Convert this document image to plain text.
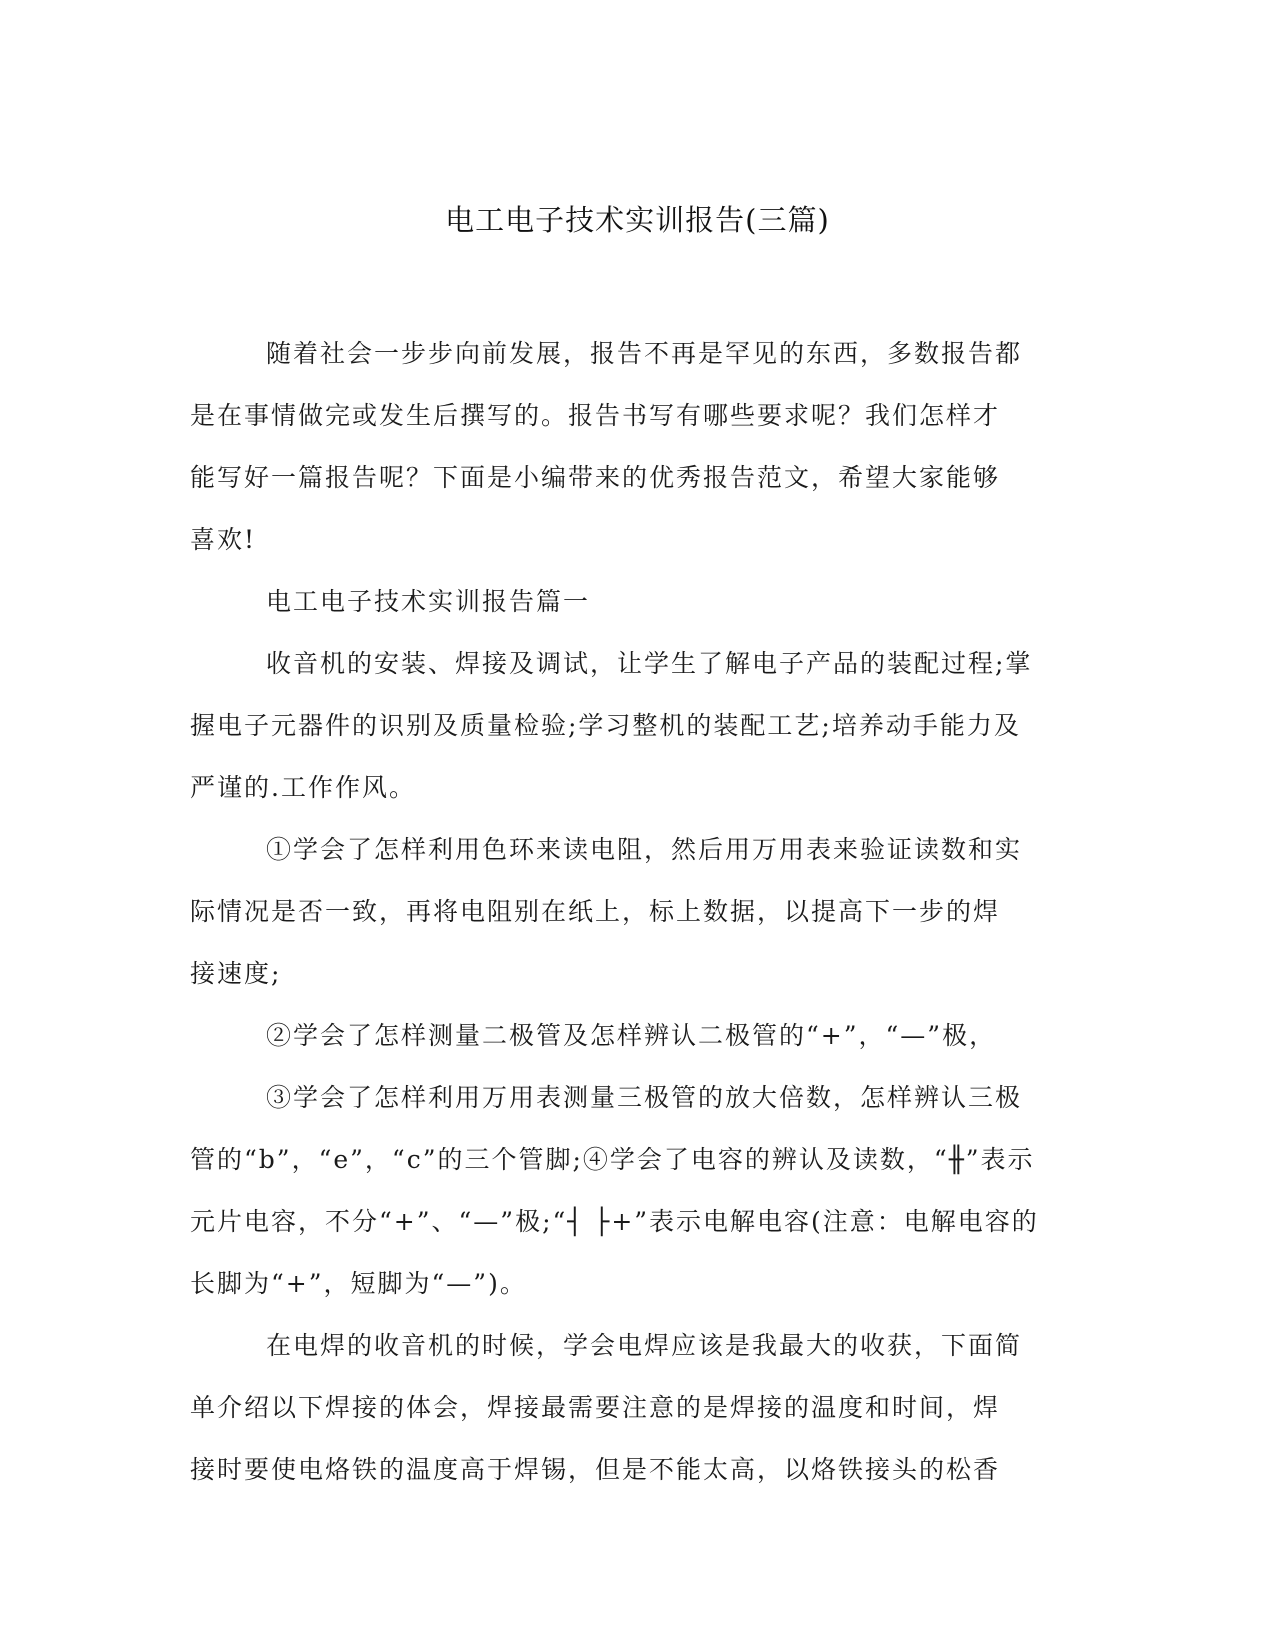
电工电子技术实训报告(三篇)

随着社会一步步向前发展，报告不再是罕见的东西，多数报告都
是在事情做完或发生后撰写的。报告书写有哪些要求呢？我们怎样才
能写好一篇报告呢？下面是小编带来的优秀报告范文，希望大家能够
喜欢!

电工电子技术实训报告篇一

收音机的安装、焊接及调试，让学生了解电子产品的装配过程;掌
握电子元器件的识别及质量检验;学习整机的装配工艺;培养动手能力及
严谨的.工作作风。

①学会了怎样利用色环来读电阻，然后用万用表来验证读数和实
际情况是否一致，再将电阻别在纸上，标上数据，以提高下一步的焊
接速度;

②学会了怎样测量二极管及怎样辨认二极管的“+”，“—”极，

③学会了怎样利用万用表测量三极管的放大倍数，怎样辨认三极
管的“b”，“e”，“c”的三个管脚;④学会了电容的辨认及读数，“╫”表示
元片电容，不分“+”、“—”极;“┤ ├+”表示电解电容(注意：电解电容的
长脚为“+”，短脚为“—”)。

在电焊的收音机的时候，学会电焊应该是我最大的收获，下面简
单介绍以下焊接的体会，焊接最需要注意的是焊接的温度和时间，焊
接时要使电烙铁的温度高于焊锡，但是不能太高，以烙铁接头的松香
